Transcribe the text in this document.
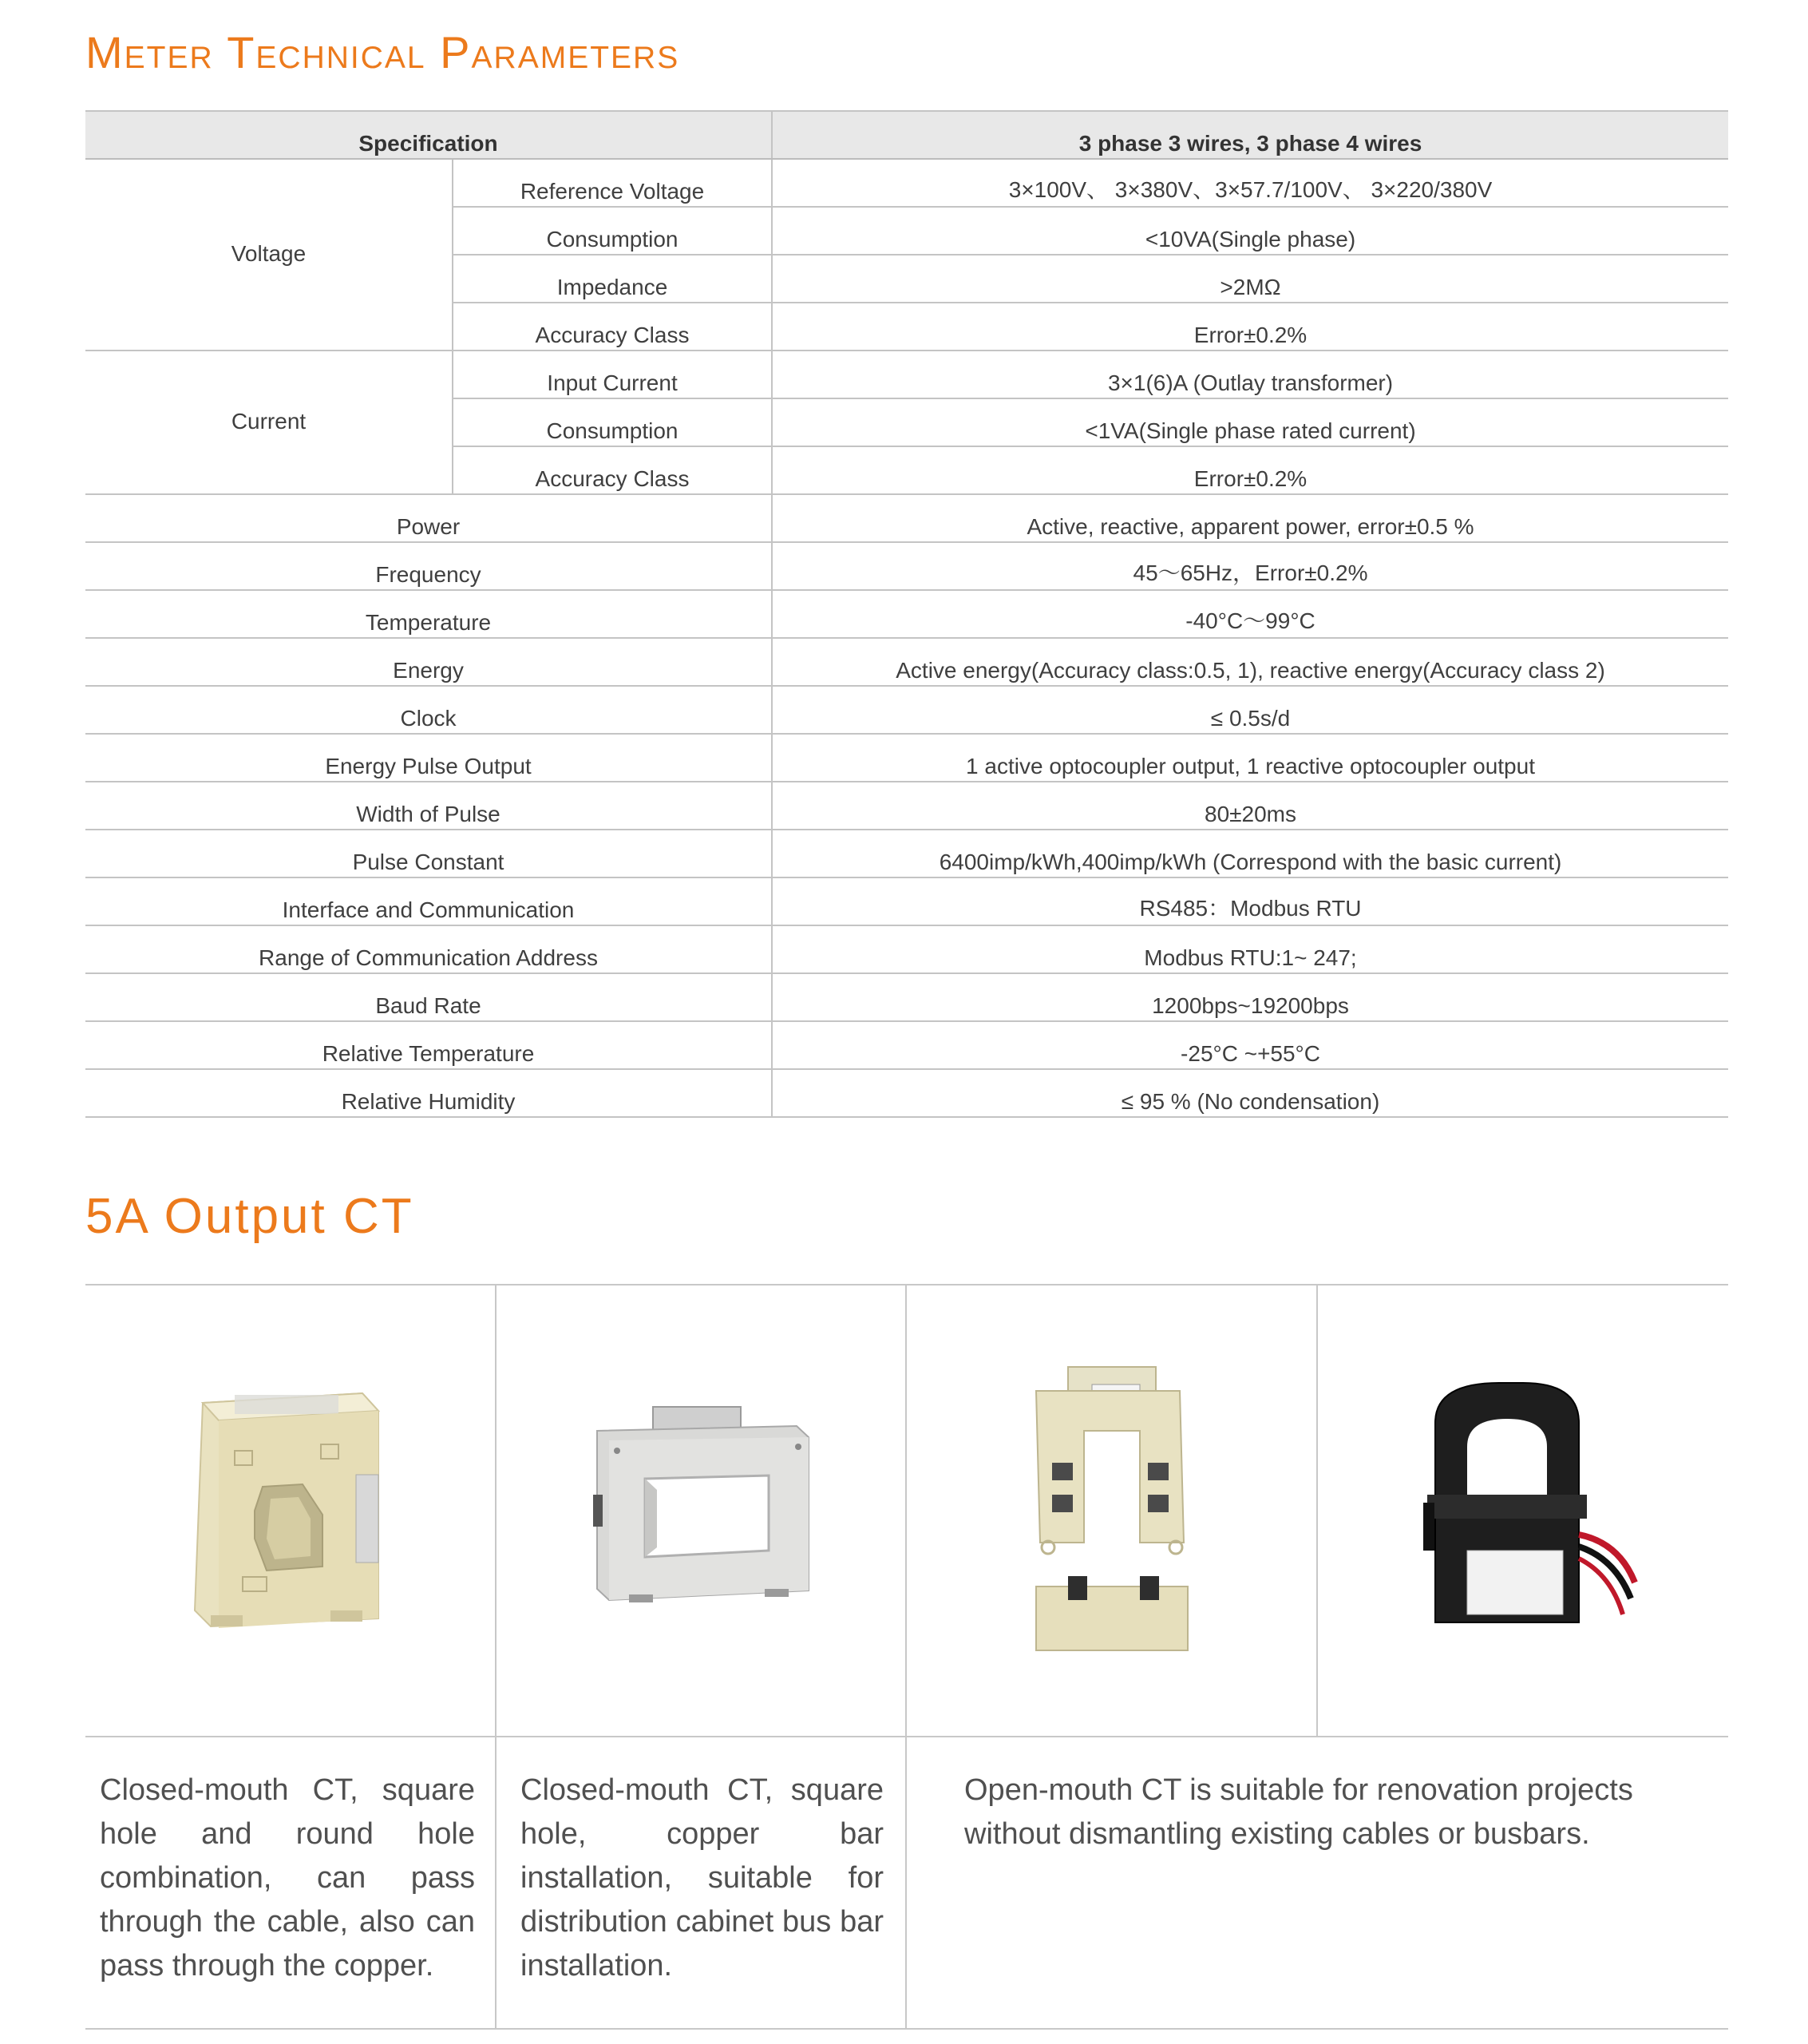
Meter Technical Parameters
Specification		3 phase 3 wires, 3 phase 4 wires
Voltage	Reference Voltage	3×100V、 3×380V、3×57.7/100V、 3×220/380V
	Consumption	<10VA(Single phase)
	Impedance	>2MΩ
	Accuracy Class	Error±0.2%
Current	Input Current	3×1(6)A (Outlay transformer)
	Consumption	<1VA(Single phase rated current)
	Accuracy Class	Error±0.2%
Power		Active, reactive, apparent power, error±0.5 %
Frequency		45～65Hz，Error±0.2%
Temperature		-40°C～99°C
Energy		Active energy(Accuracy class:0.5, 1), reactive energy(Accuracy class 2)
Clock		≤ 0.5s/d
Energy Pulse Output		1 active optocoupler output, 1 reactive optocoupler output
Width of Pulse		80±20ms
Pulse Constant		6400imp/kWh,400imp/kWh (Correspond with the basic current)
Interface and Communication		RS485：Modbus RTU
Range of Communication Address		Modbus RTU:1~ 247;
Baud Rate		1200bps~19200bps
Relative Temperature		-25°C ~+55°C
Relative Humidity		≤ 95 % (No condensation)
5A Output CT

Closed-mouth CT, square hole and round hole combination, can pass through the cable, also can pass through the copper.

Closed-mouth CT, square hole, copper bar installation, suitable for distribution cabinet bus bar installation.

Open-mouth CT is suitable for renovation projects without dismantling existing cables or busbars.
